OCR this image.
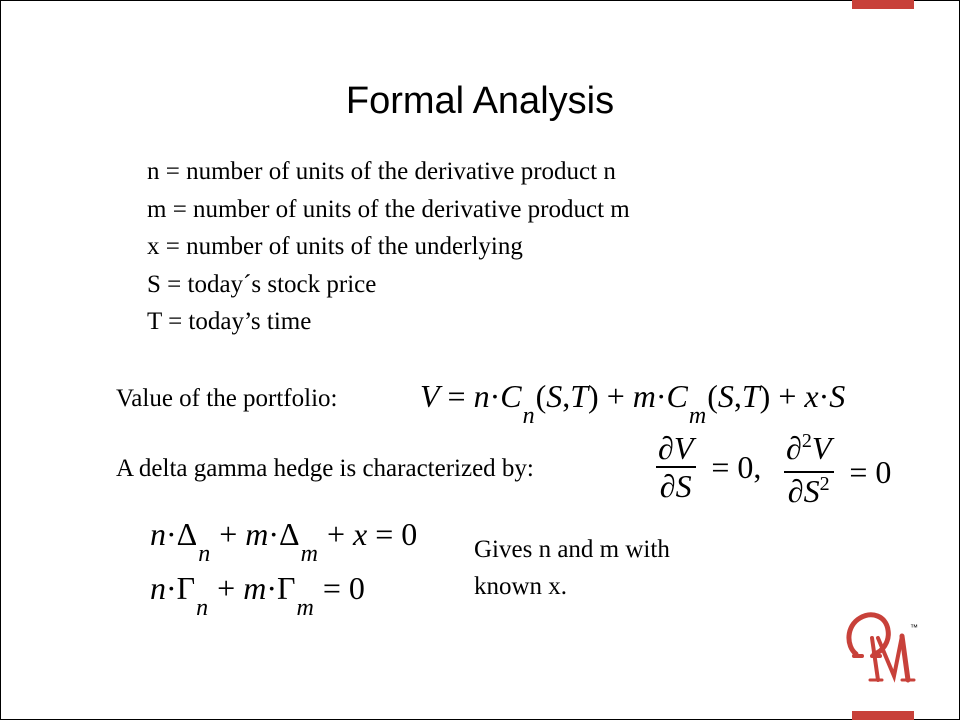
Formal Analysis
n = number of units of the derivative product n
m = number of units of the derivative product m
x = number of units of the underlying
S = today´s stock price
T = today’s time
Value of the portfolio:	V = n · C
n
( S , T ) + m · C
m
( S , T ) + x · S
A delta gamma hedge is characterized by:	$\frac{\partial V}{\partial S} = 0$, $\frac{\partial^2V}{\partial S^2} = 0$
n ·Δ
n
+ m ·Δ
m
+ x = 0
n ·Γ
n
+ m ·Γ
m
= 0
Gives n and m with
known x.
™
